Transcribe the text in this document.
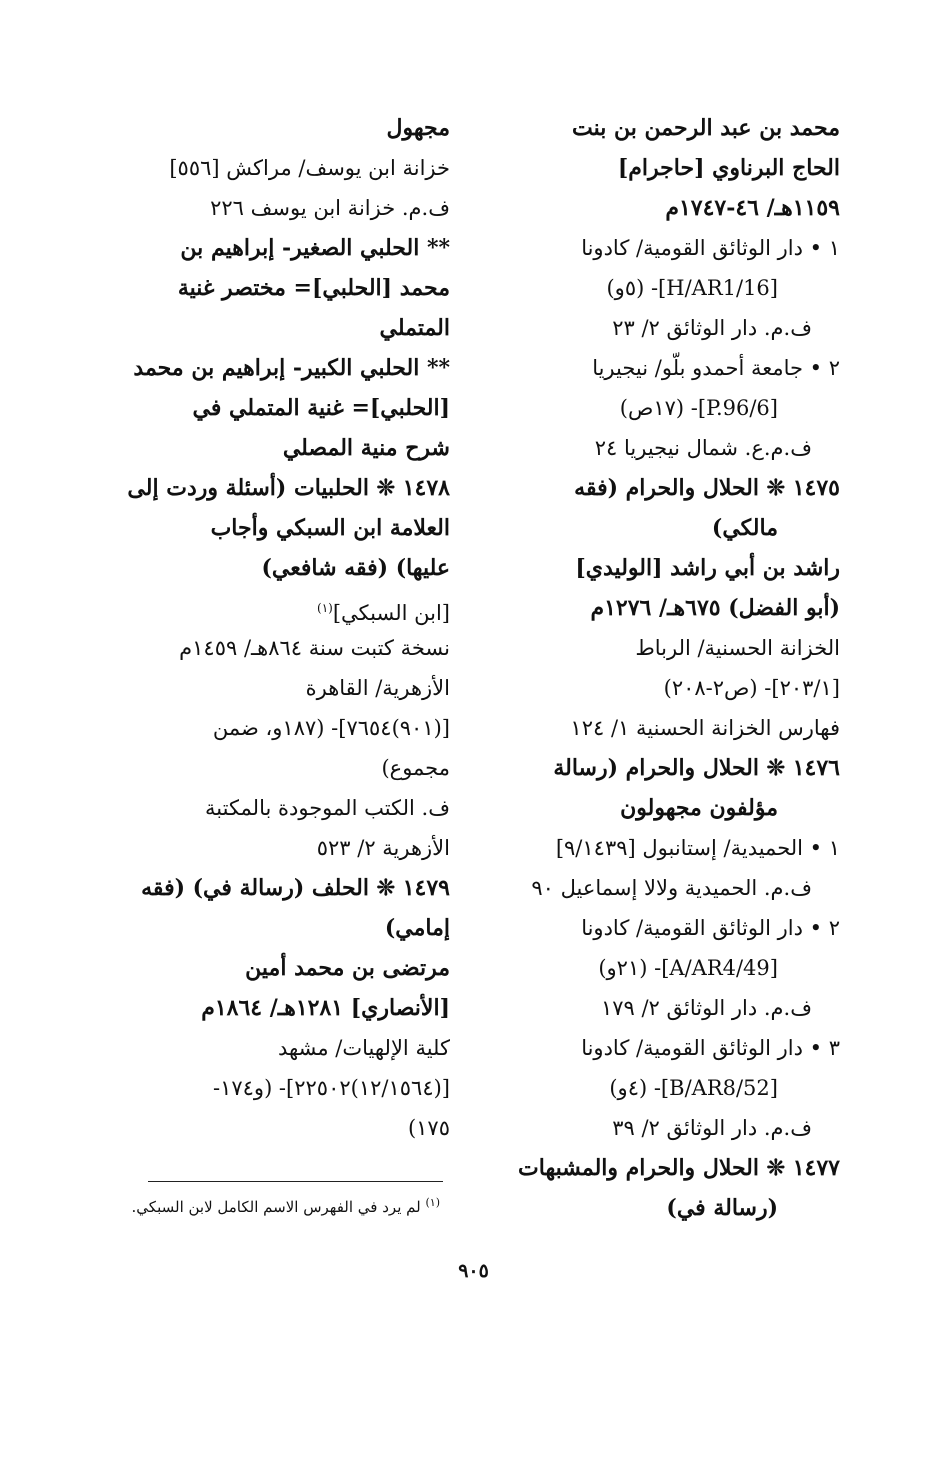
محمد بن عبد الرحمن بن بنت
الحاج البرناوي [حاجرام]
١١٥٩هـ/ ٤٦-١٧٤٧م
١ • دار الوثائق القومية/ كادونا
[H/AR1/16]- (٥و)
ف.م. دار الوثائق ٢/ ٢٣
٢ • جامعة أحمدو بلّو/ نيجيريا
[P.96/6]- (١٧ص)
ف.م.ع. شمال نيجيريا ٢٤
١٤٧٥ ❊ الحلال والحرام (فقه
مالكي)
راشد بن أبي راشد [الوليدي]
(أبو الفضل) ٦٧٥هـ/ ١٢٧٦م
الخزانة الحسنية/ الرباط
[٢٠٣/١]- (ص٢-٢٠٨)
فهارس الخزانة الحسنية ١/ ١٢٤
١٤٧٦ ❊ الحلال والحرام (رسالة
مؤلفون مجهولون
١ • الحميدية/ إستانبول [٩/١٤٣٩]
ف.م. الحميدية ولالا إسماعيل ٩٠
٢ • دار الوثائق القومية/ كادونا
[A/AR4/49]- (٢١و)
ف.م. دار الوثائق ٢/ ١٧٩
٣ • دار الوثائق القومية/ كادونا
[B/AR8/52]- (٤و)
ف.م. دار الوثائق ٢/ ٣٩
١٤٧٧ ❊ الحلال والحرام والمشبهات
(رسالة في)
مجهول
خزانة ابن يوسف/ مراكش [٥٥٦]
ف.م. خزانة ابن يوسف ٢٢٦
** الحلبي الصغير- إبراهيم بن
محمد [الحلبي]= مختصر غنية
المتملي
** الحلبي الكبير- إبراهيم بن محمد
[الحلبي]= غنية المتملي في
شرح منية المصلي
١٤٧٨ ❊ الحلبيات (أسئلة وردت إلى
العلامة ابن السبكي وأجاب
عليها) (فقه شافعي)
[ابن السبكي]$^{(١)}$
نسخة كتبت سنة ٨٦٤هـ/ ١٤٥٩م
الأزهرية/ القاهرة
[(٩٠١)٧٦٥٤]- (١٨٧و، ضمن
مجموع)
ف. الكتب الموجودة بالمكتبة
الأزهرية ٢/ ٥٢٣
١٤٧٩ ❊ الحلف (رسالة في) (فقه
إمامي)
مرتضى بن محمد أمين
[الأنصاري] ١٢٨١هـ/ ١٨٦٤م
كلية الإلهيات/ مشهد
[(١٢/١٥٦٤)٢٢٥٠٢]- (و١٧٤-
١٧٥)
$^{(١)}$ لم يرد في الفهرس الاسم الكامل لابن السبكي.
٩٠٥
